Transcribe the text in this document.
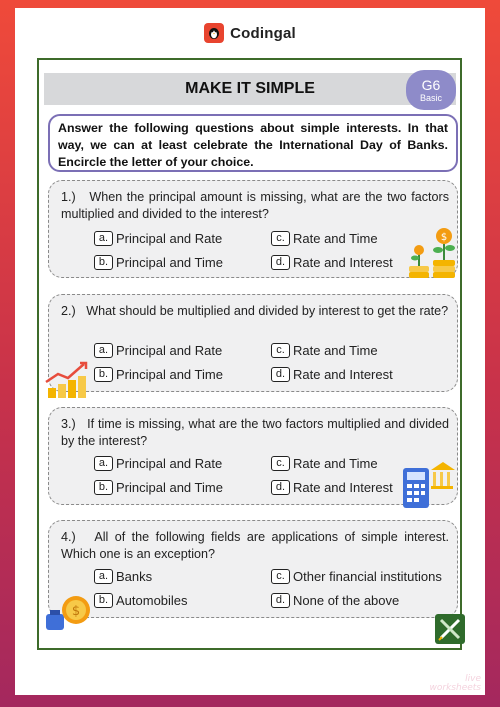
Codingal
MAKE IT SIMPLE	G6
Basic
Answer the following questions about simple interests. In that way, we can at least celebrate the International Day of Banks. Encircle the letter of your choice.
1.) When the principal amount is missing, what are the two factors multiplied and divided to the interest?
a. Principal and Rate	c. Rate and Time
b. Principal and Time	d. Rate and Interest
2.) What should be multiplied and divided by interest to get the rate?
a. Principal and Rate	c. Rate and Time
b. Principal and Time	d. Rate and Interest
3.) If time is missing, what are the two factors multiplied and divided by the interest?
a. Principal and Rate	c. Rate and Time
b. Principal and Time	d. Rate and Interest
4.) All of the following fields are applications of simple interest. Which one is an exception?
a. Banks	c. Other financial institutions
b. Automobiles	d. None of the above
$
$
live
worksheets
